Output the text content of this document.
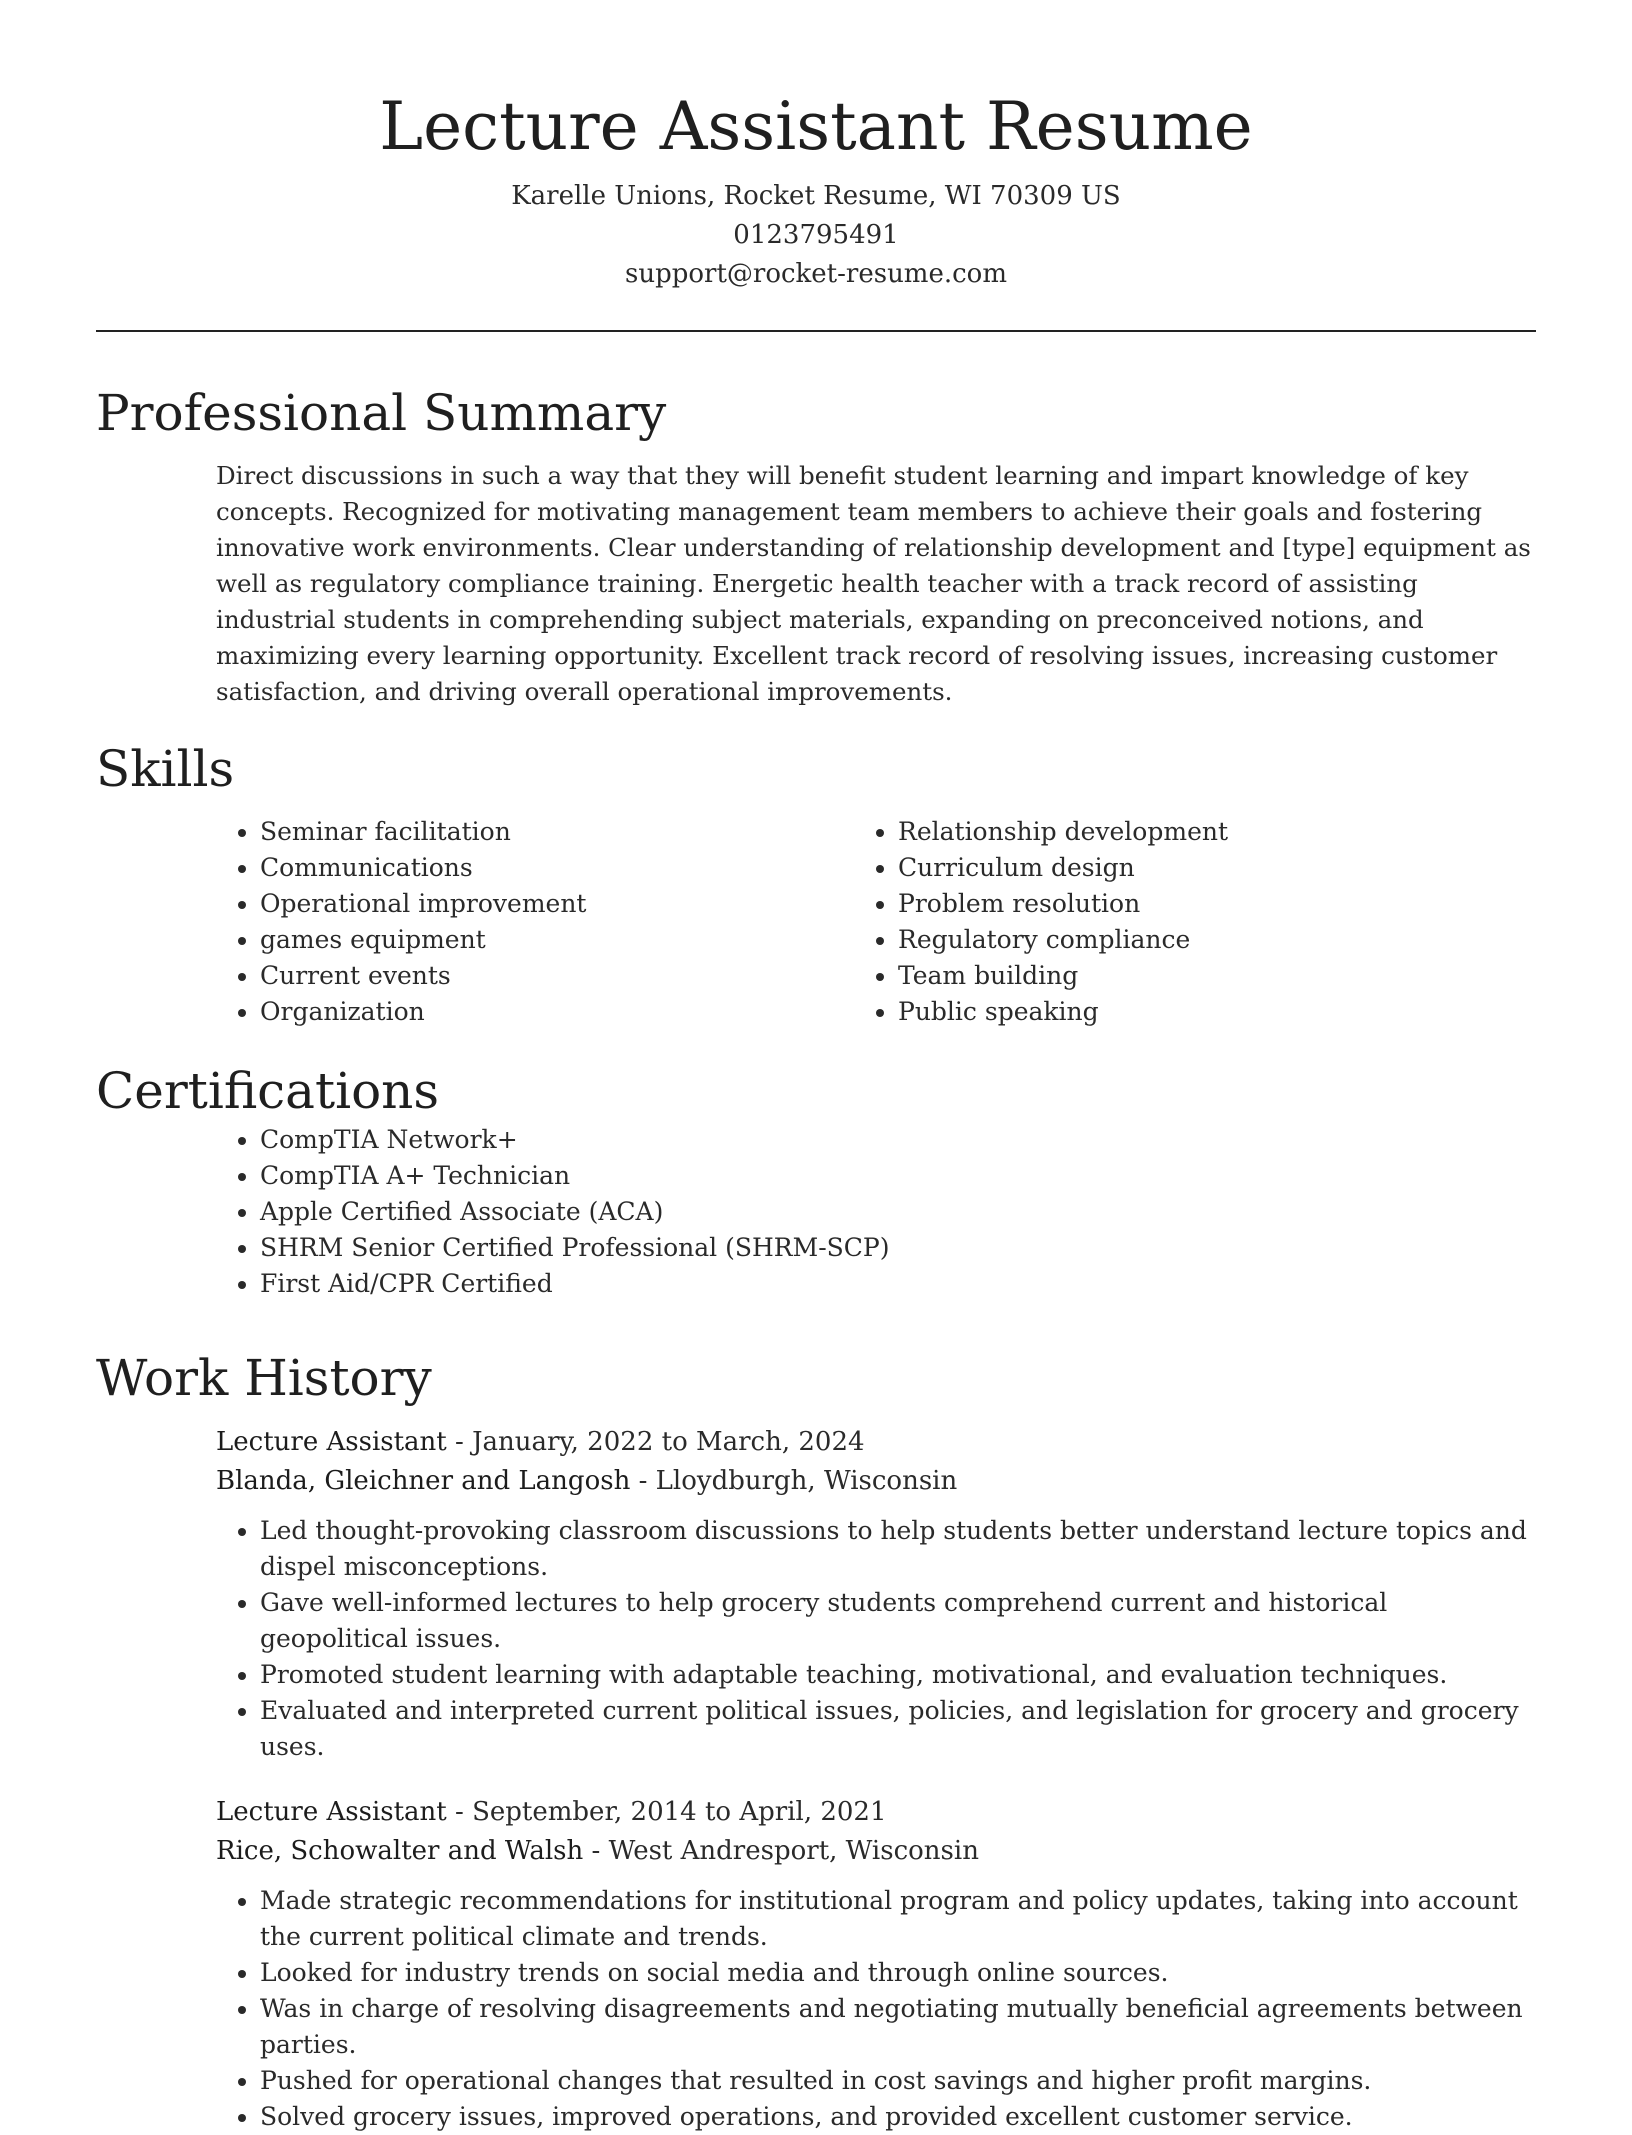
Lecture Assistant Resume

Karelle Unions, Rocket Resume, WI 70309 US

0123795491

support@rocket-resume.com

Professional Summary

Direct discussions in such a way that they will benefit student learning and impart knowledge of key concepts. Recognized for motivating management team members to achieve their goals and fostering innovative work environments. Clear understanding of relationship development and [type] equipment as well as regulatory compliance training. Energetic health teacher with a track record of assisting industrial students in comprehending subject materials, expanding on preconceived notions, and maximizing every learning opportunity. Excellent track record of resolving issues, increasing customer satisfaction, and driving overall operational improvements.

Skills
• Seminar facilitation
• Communications
• Operational improvement
• games equipment
• Current events
• Organization
• Relationship development
• Curriculum design
• Problem resolution
• Regulatory compliance
• Team building
• Public speaking
Certifications
• CompTIA Network+
• CompTIA A+ Technician
• Apple Certified Associate (ACA)
• SHRM Senior Certified Professional (SHRM-SCP)
• First Aid/CPR Certified
Work History

Lecture Assistant - January, 2022 to March, 2024

Blanda, Gleichner and Langosh - Lloydburgh, Wisconsin

• Led thought-provoking classroom discussions to help students better understand lecture topics and dispel misconceptions.
• Gave well-informed lectures to help grocery students comprehend current and historical geopolitical issues.
• Promoted student learning with adaptable teaching, motivational, and evaluation techniques.
• Evaluated and interpreted current political issues, policies, and legislation for grocery and grocery uses.

Lecture Assistant - September, 2014 to April, 2021

Rice, Schowalter and Walsh - West Andresport, Wisconsin

• Made strategic recommendations for institutional program and policy updates, taking into account the current political climate and trends.
• Looked for industry trends on social media and through online sources.
• Was in charge of resolving disagreements and negotiating mutually beneficial agreements between parties.
• Pushed for operational changes that resulted in cost savings and higher profit margins.
• Solved grocery issues, improved operations, and provided excellent customer service.
